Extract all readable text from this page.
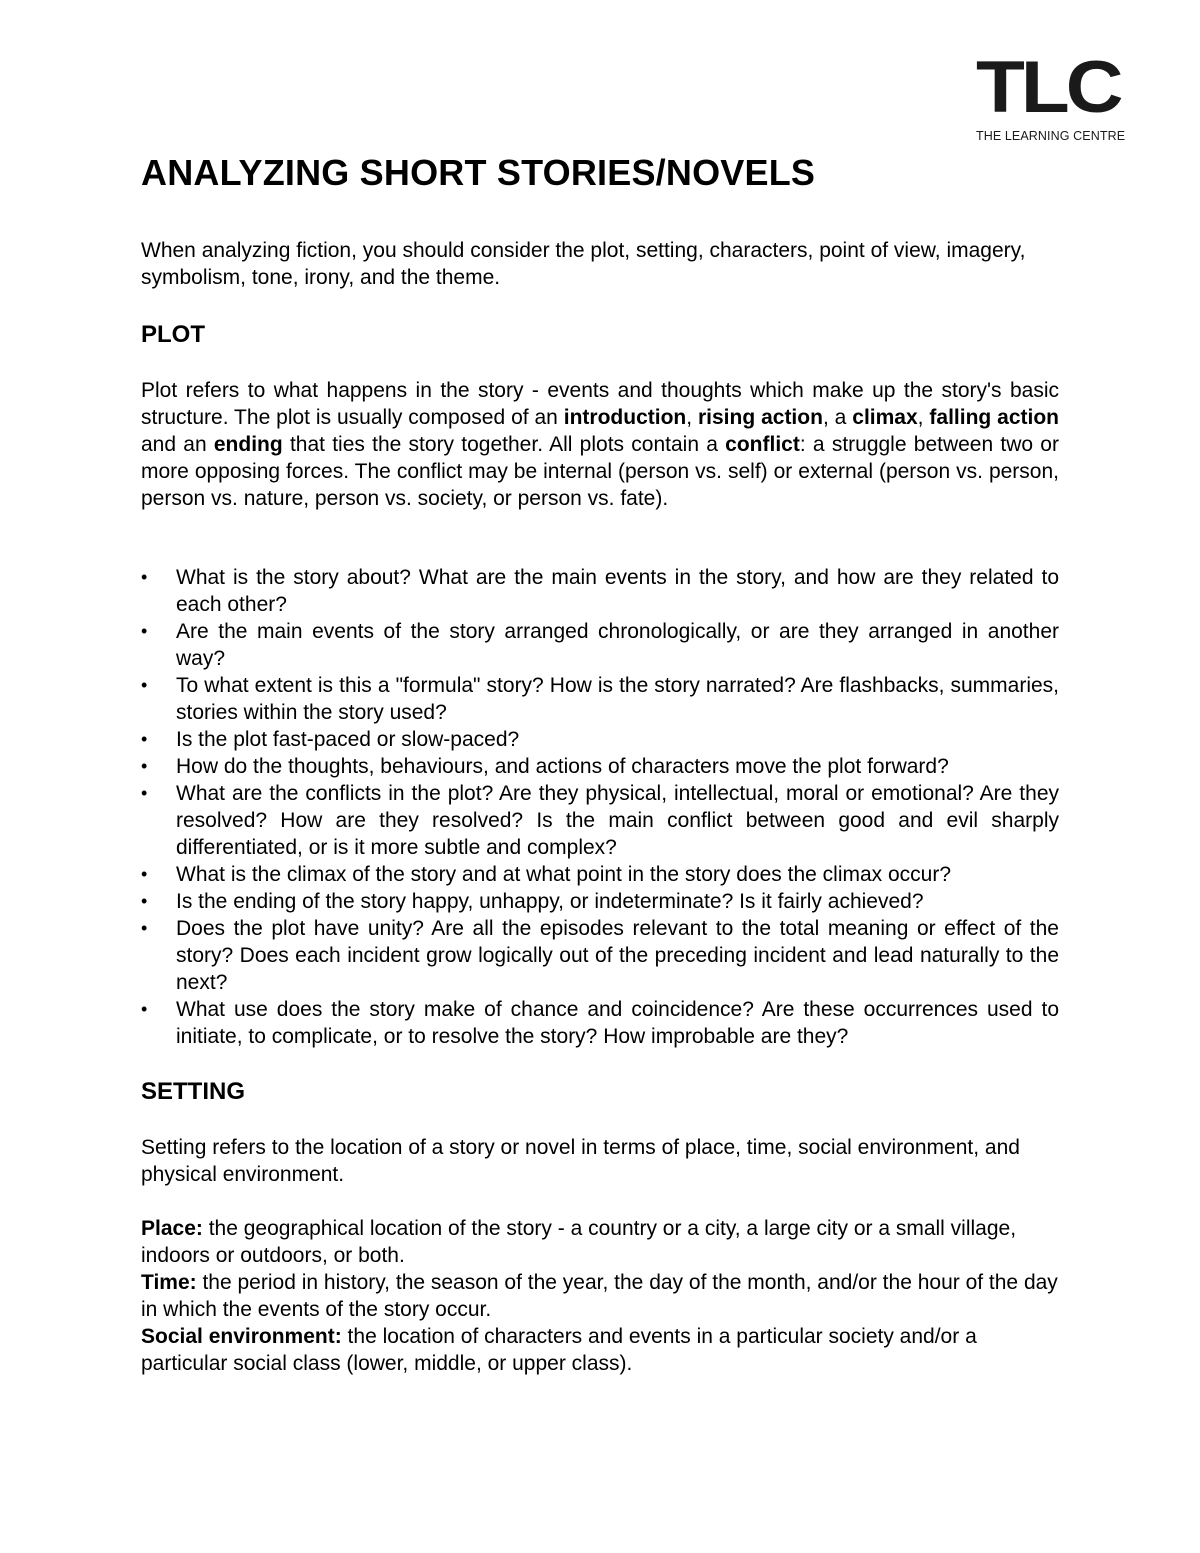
TLC
THE LEARNING CENTRE
ANALYZING SHORT STORIES/NOVELS

When analyzing fiction, you should consider the plot, setting, characters, point of view, imagery, symbolism, tone, irony, and the theme.

PLOT

Plot refers to what happens in the story - events and thoughts which make up the story's basic structure. The plot is usually composed of an introduction, rising action, a climax, falling action and an ending that ties the story together. All plots contain a conflict: a struggle between two or more opposing forces. The conflict may be internal (person vs. self) or external (person vs. person, person vs. nature, person vs. society, or person vs. fate).

• What is the story about? What are the main events in the story, and how are they related to each other?
• Are the main events of the story arranged chronologically, or are they arranged in another way?
• To what extent is this a "formula" story? How is the story narrated? Are flashbacks, summaries, stories within the story used?
• Is the plot fast-paced or slow-paced?
• How do the thoughts, behaviours, and actions of characters move the plot forward?
• What are the conflicts in the plot? Are they physical, intellectual, moral or emotional? Are they resolved? How are they resolved? Is the main conflict between good and evil sharply differentiated, or is it more subtle and complex?
• What is the climax of the story and at what point in the story does the climax occur?
• Is the ending of the story happy, unhappy, or indeterminate? Is it fairly achieved?
• Does the plot have unity? Are all the episodes relevant to the total meaning or effect of the story? Does each incident grow logically out of the preceding incident and lead naturally to the next?
• What use does the story make of chance and coincidence? Are these occurrences used to initiate, to complicate, or to resolve the story? How improbable are they?
SETTING

Setting refers to the location of a story or novel in terms of place, time, social environment, and physical environment.

Place: the geographical location of the story - a country or a city, a large city or a small village, indoors or outdoors, or both.

Time: the period in history, the season of the year, the day of the month, and/or the hour of the day in which the events of the story occur.

Social environment: the location of characters and events in a particular society and/or a particular social class (lower, middle, or upper class).
